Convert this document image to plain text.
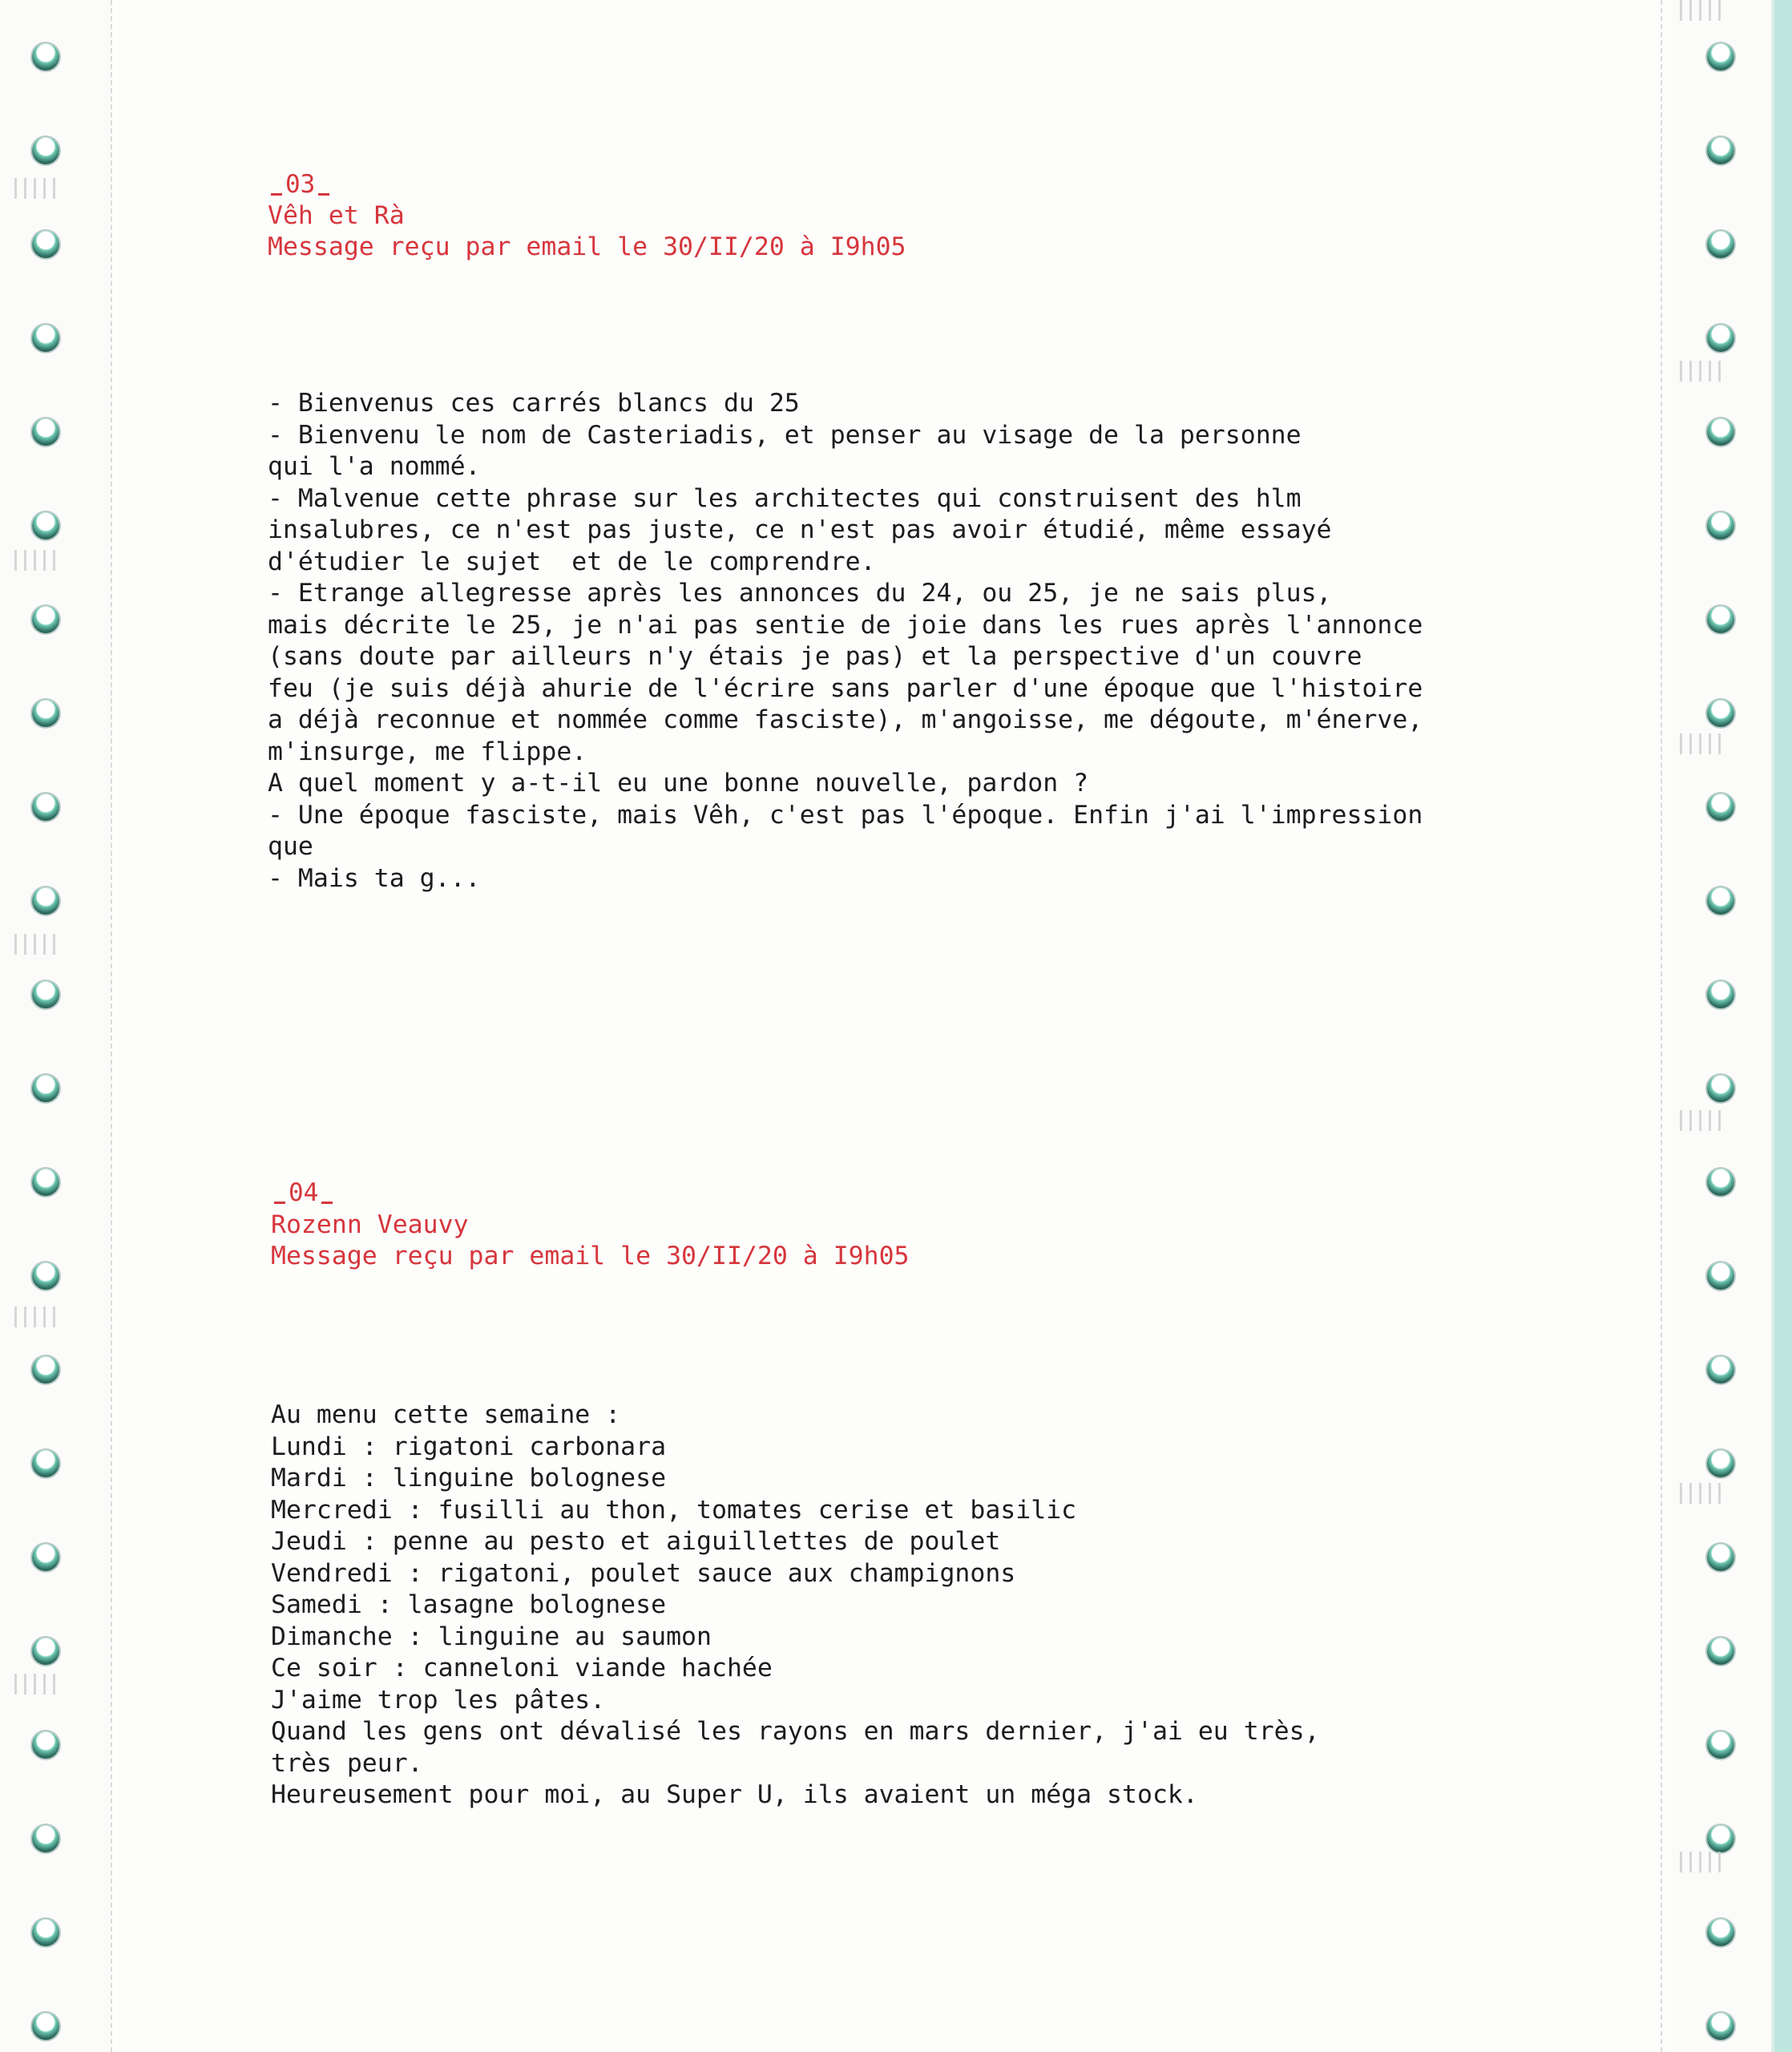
03
Vêh et Rà
Message reçu par email le 30/II/20 à I9h05
- Bienvenus ces carrés blancs du 25
- Bienvenu le nom de Casteriadis, et penser au visage de la personne
qui l'a nommé.
- Malvenue cette phrase sur les architectes qui construisent des hlm
insalubres, ce n'est pas juste, ce n'est pas avoir étudié, même essayé
d'étudier le sujet  et de le comprendre.
- Etrange allegresse après les annonces du 24, ou 25, je ne sais plus,
mais décrite le 25, je n'ai pas sentie de joie dans les rues après l'annonce
(sans doute par ailleurs n'y étais je pas) et la perspective d'un couvre
feu (je suis déjà ahurie de l'écrire sans parler d'une époque que l'histoire
a déjà reconnue et nommée comme fasciste), m'angoisse, me dégoute, m'énerve,
m'insurge, me flippe.
A quel moment y a-t-il eu une bonne nouvelle, pardon ?
- Une époque fasciste, mais Vêh, c'est pas l'époque. Enfin j'ai l'impression
que
- Mais ta g...
04
Rozenn Veauvy
Message reçu par email le 30/II/20 à I9h05
Au menu cette semaine :
Lundi : rigatoni carbonara
Mardi : linguine bolognese
Mercredi : fusilli au thon, tomates cerise et basilic
Jeudi : penne au pesto et aiguillettes de poulet
Vendredi : rigatoni, poulet sauce aux champignons
Samedi : lasagne bolognese
Dimanche : linguine au saumon
Ce soir : canneloni viande hachée
J'aime trop les pâtes.
Quand les gens ont dévalisé les rayons en mars dernier, j'ai eu très,
très peur.
Heureusement pour moi, au Super U, ils avaient un méga stock.
